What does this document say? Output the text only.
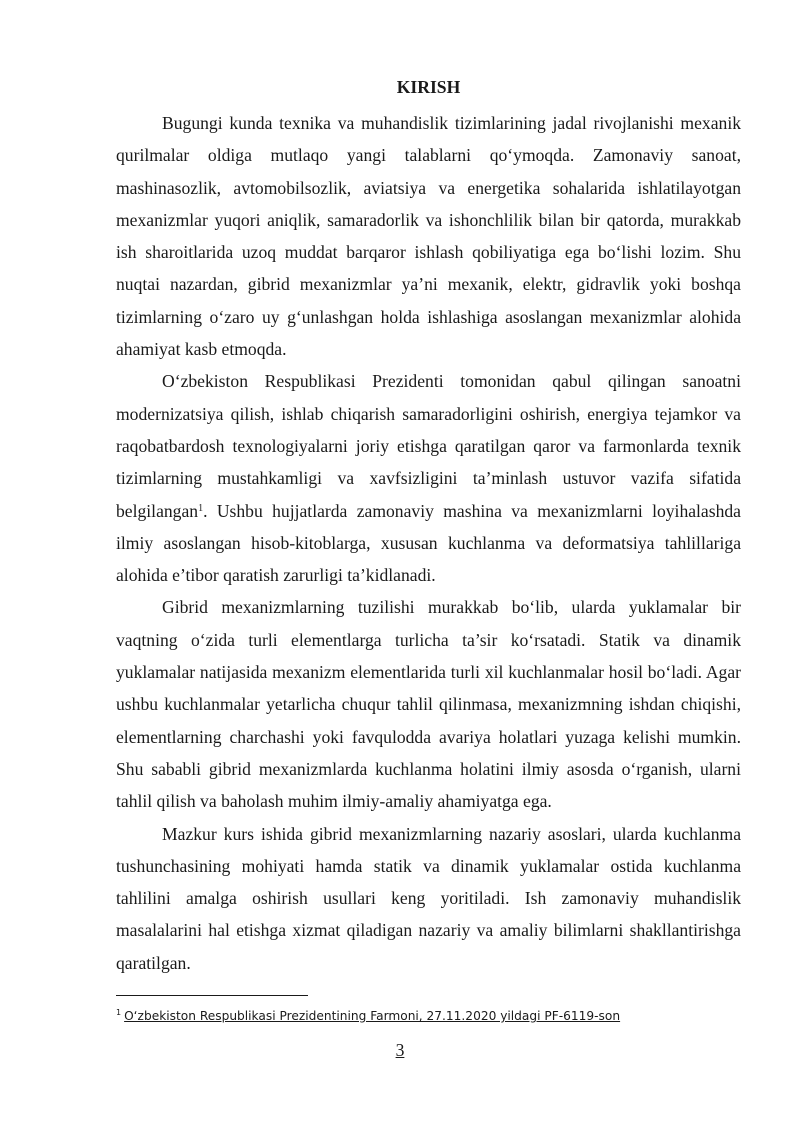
KIRISH

Bugungi kunda texnika va muhandislik tizimlarining jadal rivojlanishi mexanik qurilmalar oldiga mutlaqo yangi talablarni qo‘ymoqda. Zamonaviy sanoat, mashinasozlik, avtomobilsozlik, aviatsiya va energetika sohalarida ishlatilayotgan mexanizmlar yuqori aniqlik, samaradorlik va ishonchlilik bilan bir qatorda, murakkab ish sharoitlarida uzoq muddat barqaror ishlash qobiliyatiga ega bo‘lishi lozim. Shu nuqtai nazardan, gibrid mexanizmlar ya’ni mexanik, elektr, gidravlik yoki boshqa tizimlarning o‘zaro uy g‘unlashgan holda ishlashiga asoslangan mexanizmlar alohida ahamiyat kasb etmoqda.

O‘zbekiston Respublikasi Prezidenti tomonidan qabul qilingan sanoatni modernizatsiya qilish, ishlab chiqarish samaradorligini oshirish, energiya tejamkor va raqobatbardosh texnologiyalarni joriy etishga qaratilgan qaror va farmonlarda texnik tizimlarning mustahkamligi va xavfsizligini ta’minlash ustuvor vazifa sifatida belgilangan$^1$. Ushbu hujjatlarda zamonaviy mashina va mexanizmlarni loyihalashda ilmiy asoslangan hisob-kitoblarga, xususan kuchlanma va deformatsiya tahlillariga alohida e’tibor qaratish zarurligi ta’kidlanadi.

Gibrid mexanizmlarning tuzilishi murakkab bo‘lib, ularda yuklamalar bir vaqtning o‘zida turli elementlarga turlicha ta’sir ko‘rsatadi. Statik va dinamik yuklamalar natijasida mexanizm elementlarida turli xil kuchlanmalar hosil bo‘ladi. Agar ushbu kuchlanmalar yetarlicha chuqur tahlil qilinmasa, mexanizmning ishdan chiqishi, elementlarning charchashi yoki favqulodda avariya holatlari yuzaga kelishi mumkin. Shu sababli gibrid mexanizmlarda kuchlanma holatini ilmiy asosda o‘rganish, ularni tahlil qilish va baholash muhim ilmiy-amaliy ahamiyatga ega.

Mazkur kurs ishida gibrid mexanizmlarning nazariy asoslari, ularda kuchlanma tushunchasining mohiyati hamda statik va dinamik yuklamalar ostida kuchlanma tahlilini amalga oshirish usullari keng yoritiladi. Ish zamonaviy muhandislik masalalarini hal etishga xizmat qiladigan nazariy va amaliy bilimlarni shakllantirishga qaratilgan.

$^1$ O‘zbekiston Respublikasi Prezidentining Farmoni, 27.11.2020 yildagi PF-6119-son
3
